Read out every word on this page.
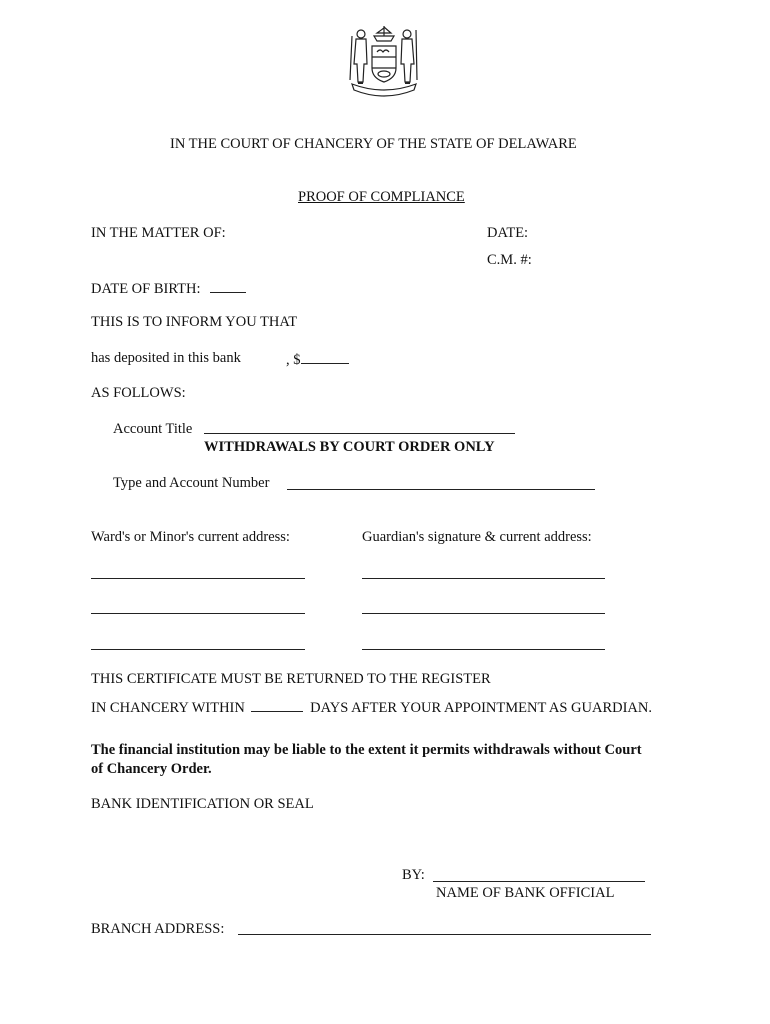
IN THE COURT OF CHANCERY OF THE STATE OF DELAWARE
PROOF OF COMPLIANCE
IN THE MATTER OF:	DATE:
C.M. #:
DATE OF BIRTH:
THIS IS TO INFORM YOU THAT
has deposited in this bank	, $
AS FOLLOWS:
Account Title
WITHDRAWALS BY COURT ORDER ONLY
Type and Account Number
Ward's or Minor's current address:	Guardian's signature & current address:
THIS CERTIFICATE MUST BE RETURNED TO THE REGISTER
IN CHANCERY WITHIN	DAYS AFTER YOUR APPOINTMENT AS GUARDIAN.
The financial institution may be liable to the extent it permits withdrawals without Court
of Chancery Order.
BANK IDENTIFICATION OR SEAL
BY:
NAME OF BANK OFFICIAL
BRANCH ADDRESS:
